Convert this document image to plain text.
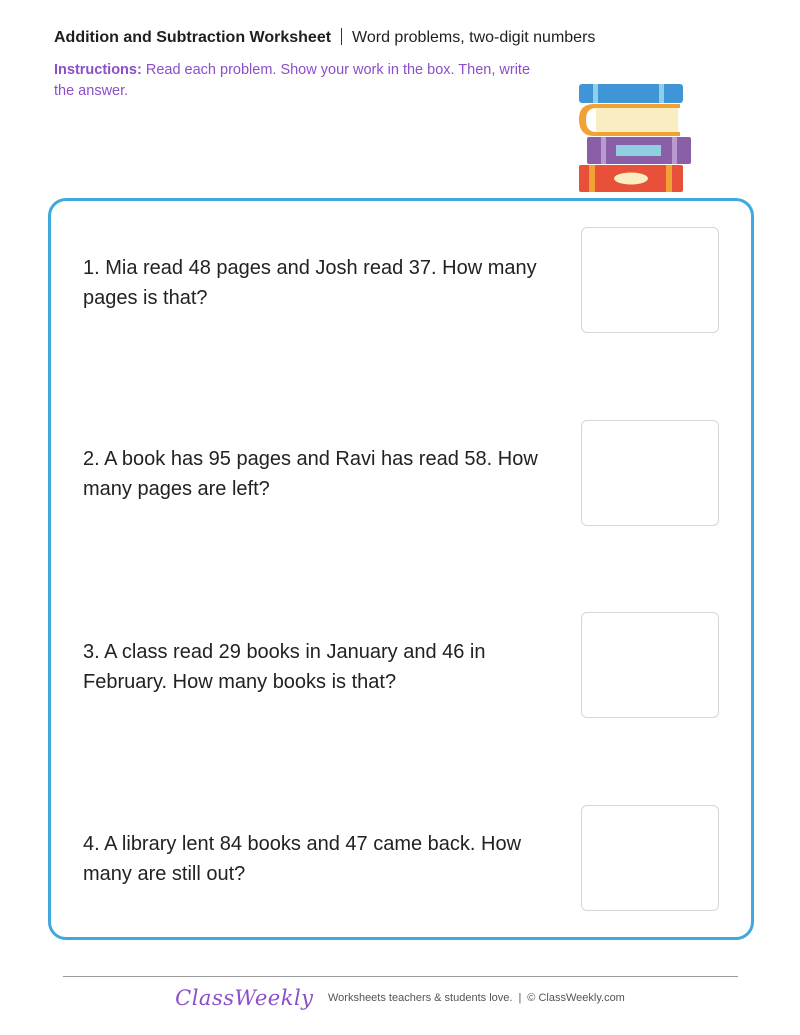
Addition and Subtraction Worksheet Word problems, two-digit numbers
Instructions: Read each problem. Show your work in the box. Then, write the answer.
1. Mia read 48 pages and Josh read 37. How many pages is that?
2. A book has 95 pages and Ravi has read 58. How many pages are left?
3. A class read 29 books in January and 46 in February. How many books is that?
4. A library lent 84 books and 47 came back. How many are still out?
ClassWeekly Worksheets teachers & students love. | © ClassWeekly.com
